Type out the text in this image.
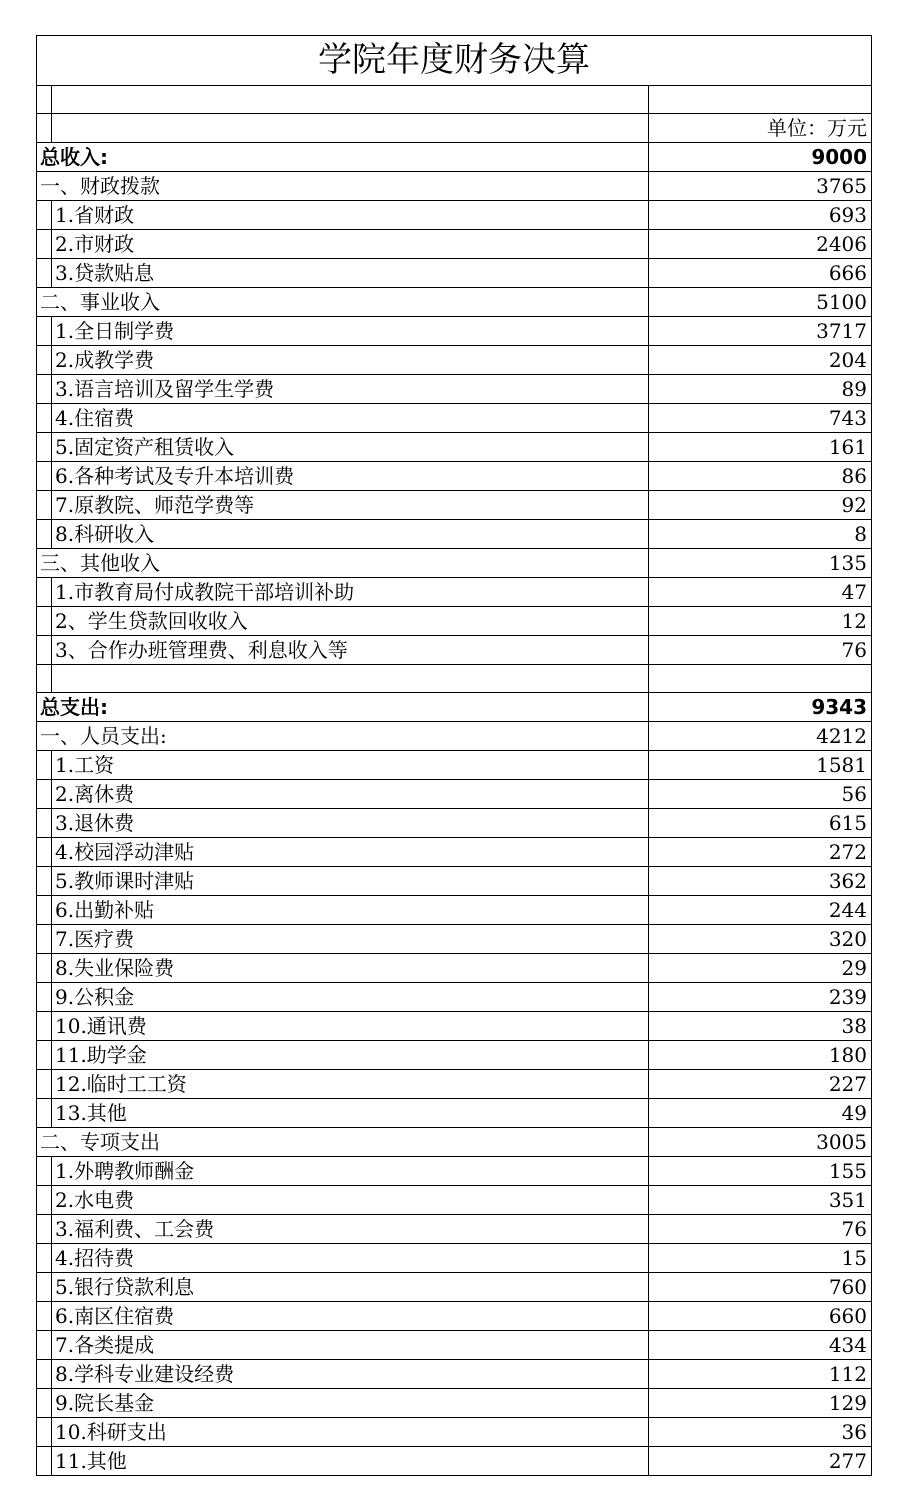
学院年度财务决算		

		单位：万元
总收入:		9000
一、财政拨款		3765
	1.省财政	693
	2.市财政	2406
	3.贷款贴息	666
二、事业收入		5100
	1.全日制学费	3717
	2.成教学费	204
	3.语言培训及留学生学费	89
	4.住宿费	743
	5.固定资产租赁收入	161
	6.各种考试及专升本培训费	86
	7.原教院、师范学费等	92
	8.科研收入	8
三、其他收入		135
	1.市教育局付成教院干部培训补助	47
	2、学生贷款回收收入	12
	3、合作办班管理费、利息收入等	76

总支出:		9343
一、人员支出:		4212
	1.工资	1581
	2.离休费	56
	3.退休费	615
	4.校园浮动津贴	272
	5.教师课时津贴	362
	6.出勤补贴	244
	7.医疗费	320
	8.失业保险费	29
	9.公积金	239
	10.通讯费	38
	11.助学金	180
	12.临时工工资	227
	13.其他	49
二、专项支出		3005
	1.外聘教师酬金	155
	2.水电费	351
	3.福利费、工会费	76
	4.招待费	15
	5.银行贷款利息	760
	6.南区住宿费	660
	7.各类提成	434
	8.学科专业建设经费	112
	9.院长基金	129
	10.科研支出	36
	11.其他	277
